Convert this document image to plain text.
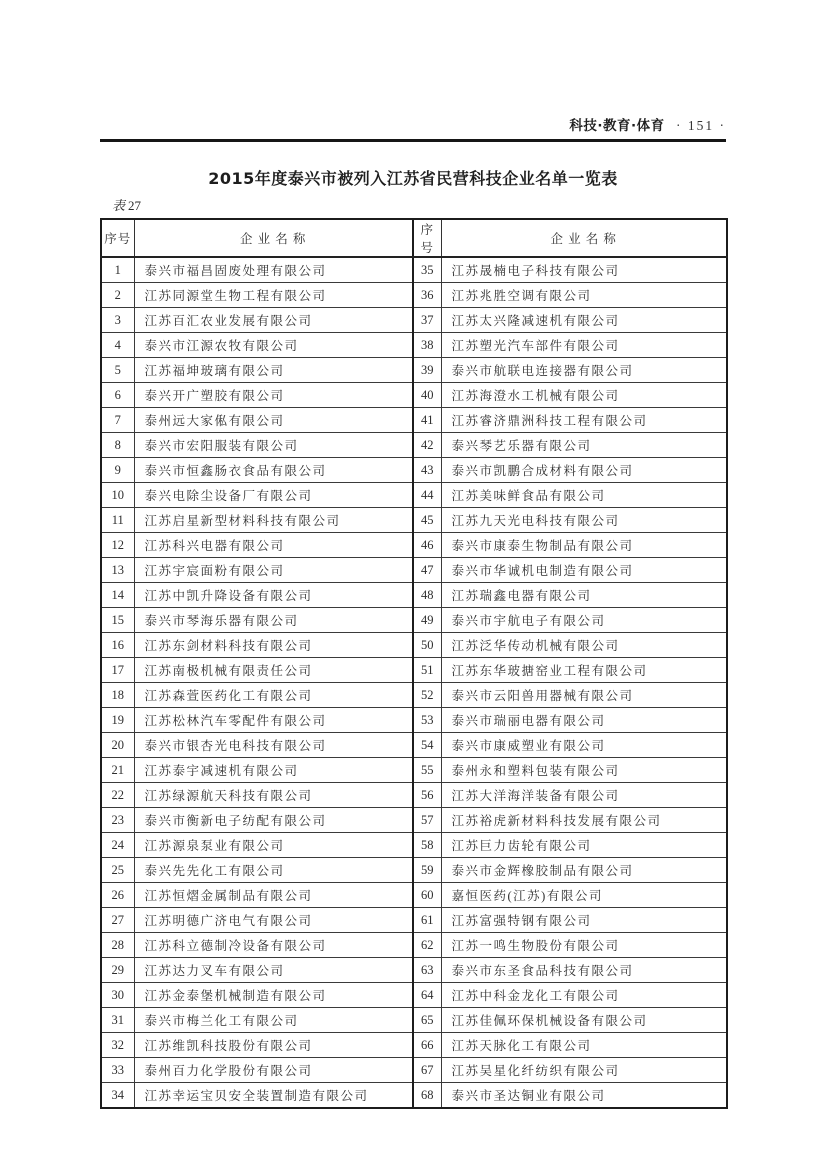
科技·教育·体育 · 151 ·
2015年度泰兴市被列入江苏省民营科技企业名单一览表
表 27
序号	企 业 名 称	序号	企 业 名 称
1	泰兴市福昌固废处理有限公司	35	江苏晟楠电子科技有限公司
2	江苏同源堂生物工程有限公司	36	江苏兆胜空调有限公司
3	江苏百汇农业发展有限公司	37	江苏太兴隆减速机有限公司
4	泰兴市江源农牧有限公司	38	江苏塑光汽车部件有限公司
5	江苏福坤玻璃有限公司	39	泰兴市航联电连接器有限公司
6	泰兴开广塑胶有限公司	40	江苏海澄水工机械有限公司
7	泰州远大家俬有限公司	41	江苏睿济鼎洲科技工程有限公司
8	泰兴市宏阳服装有限公司	42	泰兴琴艺乐器有限公司
9	泰兴市恒鑫肠衣食品有限公司	43	泰兴市凯鹏合成材料有限公司
10	泰兴电除尘设备厂有限公司	44	江苏美味鲜食品有限公司
11	江苏启星新型材料科技有限公司	45	江苏九天光电科技有限公司
12	江苏科兴电器有限公司	46	泰兴市康泰生物制品有限公司
13	江苏宇宸面粉有限公司	47	泰兴市华诚机电制造有限公司
14	江苏中凯升降设备有限公司	48	江苏瑞鑫电器有限公司
15	泰兴市琴海乐器有限公司	49	泰兴市宇航电子有限公司
16	江苏东剑材料科技有限公司	50	江苏泛华传动机械有限公司
17	江苏南极机械有限责任公司	51	江苏东华玻搪窑业工程有限公司
18	江苏森萱医药化工有限公司	52	泰兴市云阳兽用器械有限公司
19	江苏松林汽车零配件有限公司	53	泰兴市瑞丽电器有限公司
20	泰兴市银杏光电科技有限公司	54	泰兴市康威塑业有限公司
21	江苏泰宇减速机有限公司	55	泰州永和塑料包装有限公司
22	江苏绿源航天科技有限公司	56	江苏大洋海洋装备有限公司
23	泰兴市衡新电子纺配有限公司	57	江苏裕虎新材料科技发展有限公司
24	江苏源泉泵业有限公司	58	江苏巨力齿轮有限公司
25	泰兴先先化工有限公司	59	泰兴市金辉橡胶制品有限公司
26	江苏恒熠金属制品有限公司	60	嘉恒医药(江苏)有限公司
27	江苏明德广济电气有限公司	61	江苏富强特钢有限公司
28	江苏科立德制冷设备有限公司	62	江苏一鸣生物股份有限公司
29	江苏达力叉车有限公司	63	泰兴市东圣食品科技有限公司
30	江苏金泰堡机械制造有限公司	64	江苏中科金龙化工有限公司
31	泰兴市梅兰化工有限公司	65	江苏佳佩环保机械设备有限公司
32	江苏维凯科技股份有限公司	66	江苏天脉化工有限公司
33	泰州百力化学股份有限公司	67	江苏吴星化纤纺织有限公司
34	江苏幸运宝贝安全装置制造有限公司	68	泰兴市圣达铜业有限公司
